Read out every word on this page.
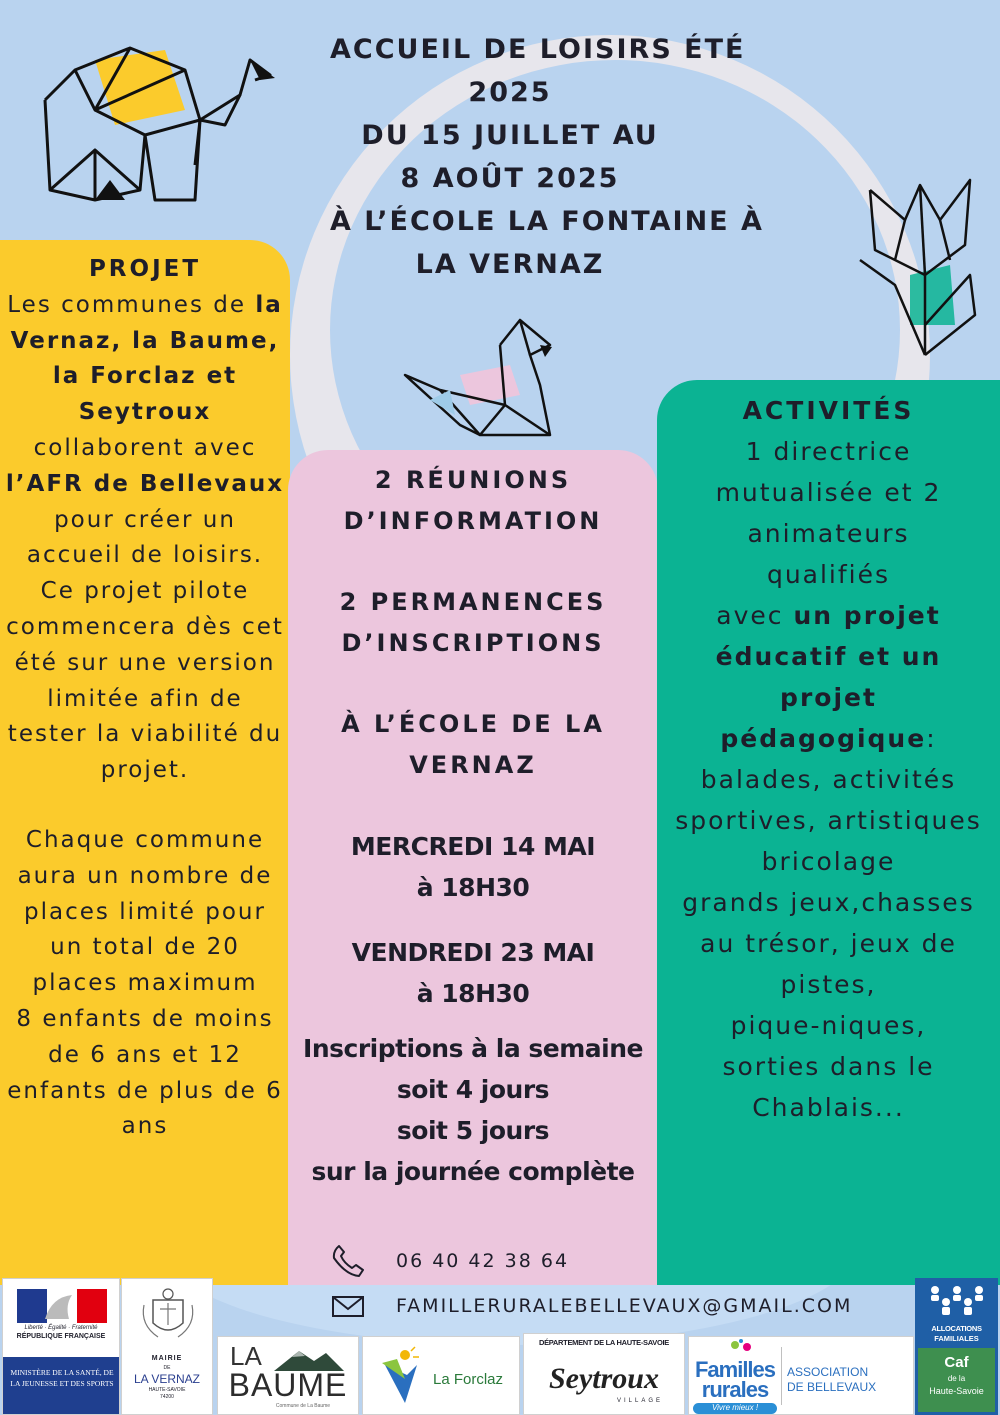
ACCUEIL DE LOISIRS ÉTÉ
2025
DU 15 JUILLET AU
8 AOÛT 2025
À L’ÉCOLE LA FONTAINE À
LA VERNAZ
PROJET
Les communes de la Vernaz, la Baume, la Forclaz et Seytroux collaborent avec l’AFR de Bellevaux pour créer un accueil de loisirs.
Ce projet pilote commencera dès cet été sur une version limitée afin de tester la viabilité du projet.
Chaque commune aura un nombre de places limité pour un total de 20 places maximum
8 enfants de moins de 6 ans et 12 enfants de plus de 6 ans
2 RÉUNIONS
D’INFORMATION
2 PERMANENCES
D’INSCRIPTIONS
À L’ÉCOLE DE LA
VERNAZ
MERCREDI 14 MAI
à 18H30
VENDREDI 23 MAI
à 18H30
Inscriptions à la semaine
soit 4 jours
soit 5 jours
sur la journée complète
ACTIVITÉS
1 directrice mutualisée et 2 animateurs qualifiés
avec un projet éducatif et un projet pédagogique:
balades, activités sportives, artistiques
bricolage
grands jeux,chasses au trésor, jeux de pistes,
pique-niques, sorties dans le Chablais...
06 40 42 38 64
FAMILLERURALEBELLEVAUX@GMAIL.COM
Liberté · Égalité · Fraternité
RÉPUBLIQUE FRANÇAISE
MINISTÈRE DE LA SANTÉ, DE LA JEUNESSE ET DES SPORTS
MAIRIE
DE
LA VERNAZ
HAUTE-SAVOIE
74200
LA
BAUME
Commune de La Baume
La Forclaz
DÉPARTEMENT DE LA HAUTE-SAVOIE
Seytroux
VILLAGE
Familles
rurales
Vivre mieux !
ASSOCIATION
DE BELLEVAUX
ALLOCATIONS
FAMILIALES
Caf
de la
Haute-Savoie
